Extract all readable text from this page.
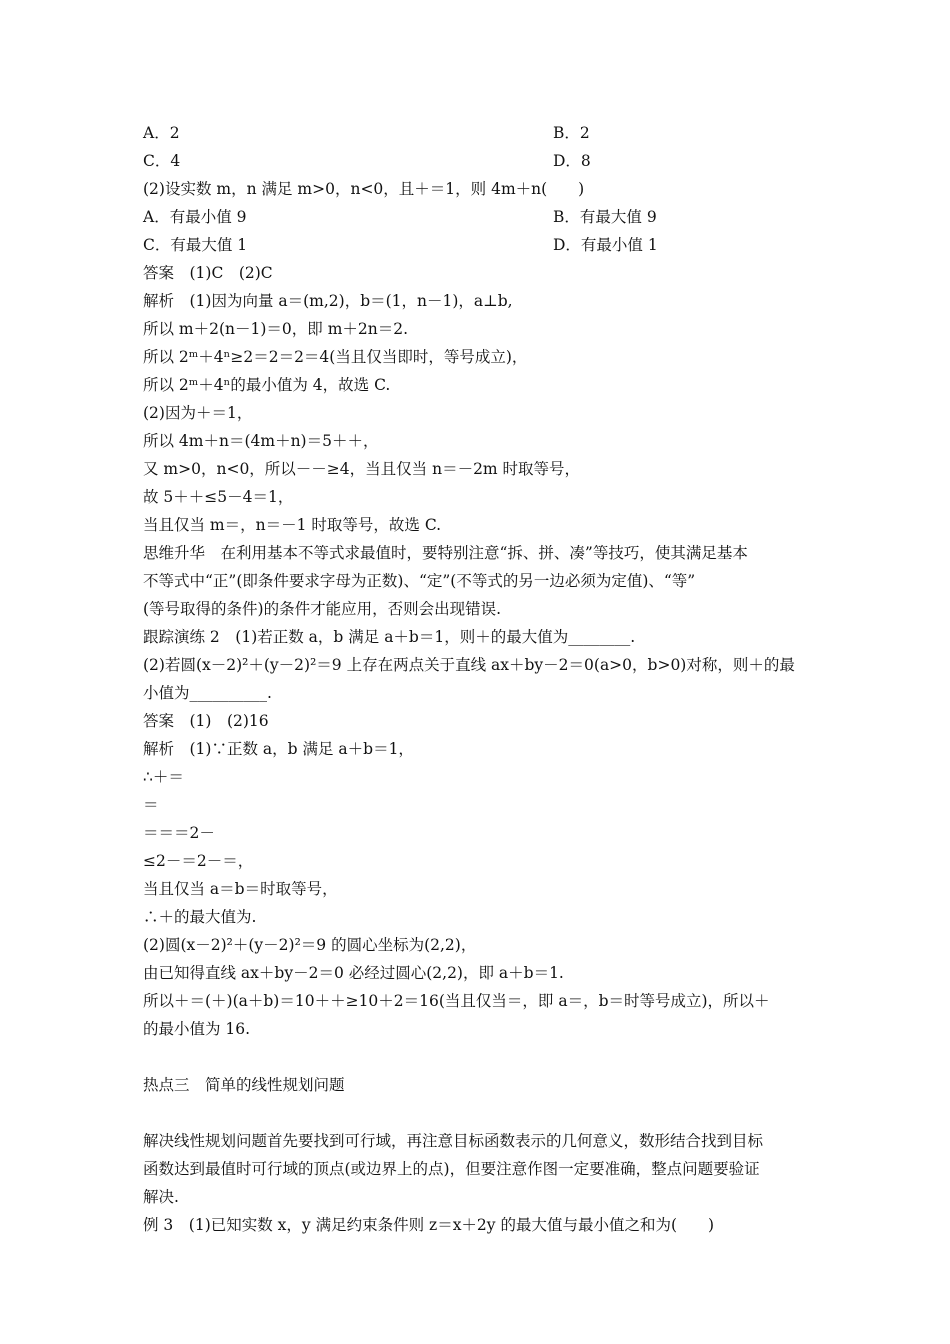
A．2	B．2
C．4	D．8
(2)设实数 m，n 满足 m>0，n<0，且＋＝1，则 4m＋n(　　)
A．有最小值 9	B．有最大值 9
C．有最大值 1	D．有最小值 1
答案　(1)C　(2)C
解析　(1)因为向量 a＝(m,2)，b＝(1，n－1)，a⊥b,
所以 m＋2(n－1)＝0，即 m＋2n＝2.
所以 2ᵐ＋4ⁿ≥2＝2＝2＝4(当且仅当即时，等号成立)，
所以 2ᵐ＋4ⁿ的最小值为 4，故选 C.
(2)因为＋＝1，
所以 4m＋n＝(4m＋n)＝5＋＋，
又 m>0，n<0，所以－－≥4，当且仅当 n＝－2m 时取等号，
故 5＋＋≤5－4＝1，
当且仅当 m＝，n＝－1 时取等号，故选 C.
思维升华　在利用基本不等式求最值时，要特别注意“拆、拼、凑”等技巧，使其满足基本
不等式中“正”(即条件要求字母为正数)、“定”(不等式的另一边必须为定值)、“等”
(等号取得的条件)的条件才能应用，否则会出现错误.
跟踪演练 2　(1)若正数 a，b 满足 a＋b＝1，则＋的最大值为________.
(2)若圆(x－2)²＋(y－2)²＝9 上存在两点关于直线 ax＋by－2＝0(a>0，b>0)对称，则＋的最
小值为__________.
答案　(1)　(2)16
解析　(1)∵正数 a，b 满足 a＋b＝1，
∴＋＝
＝
＝＝＝2－
≤2－＝2－＝，
当且仅当 a＝b＝时取等号，
∴＋的最大值为.
(2)圆(x－2)²＋(y－2)²＝9 的圆心坐标为(2,2)，
由已知得直线 ax＋by－2＝0 必经过圆心(2,2)，即 a＋b＝1.
所以＋＝(＋)(a＋b)＝10＋＋≥10＋2＝16(当且仅当＝，即 a＝，b＝时等号成立)，所以＋
的最小值为 16.
热点三　简单的线性规划问题
解决线性规划问题首先要找到可行域，再注意目标函数表示的几何意义，数形结合找到目标
函数达到最值时可行域的顶点(或边界上的点)，但要注意作图一定要准确，整点问题要验证
解决.
例 3　(1)已知实数 x，y 满足约束条件则 z＝x＋2y 的最大值与最小值之和为(　　)
